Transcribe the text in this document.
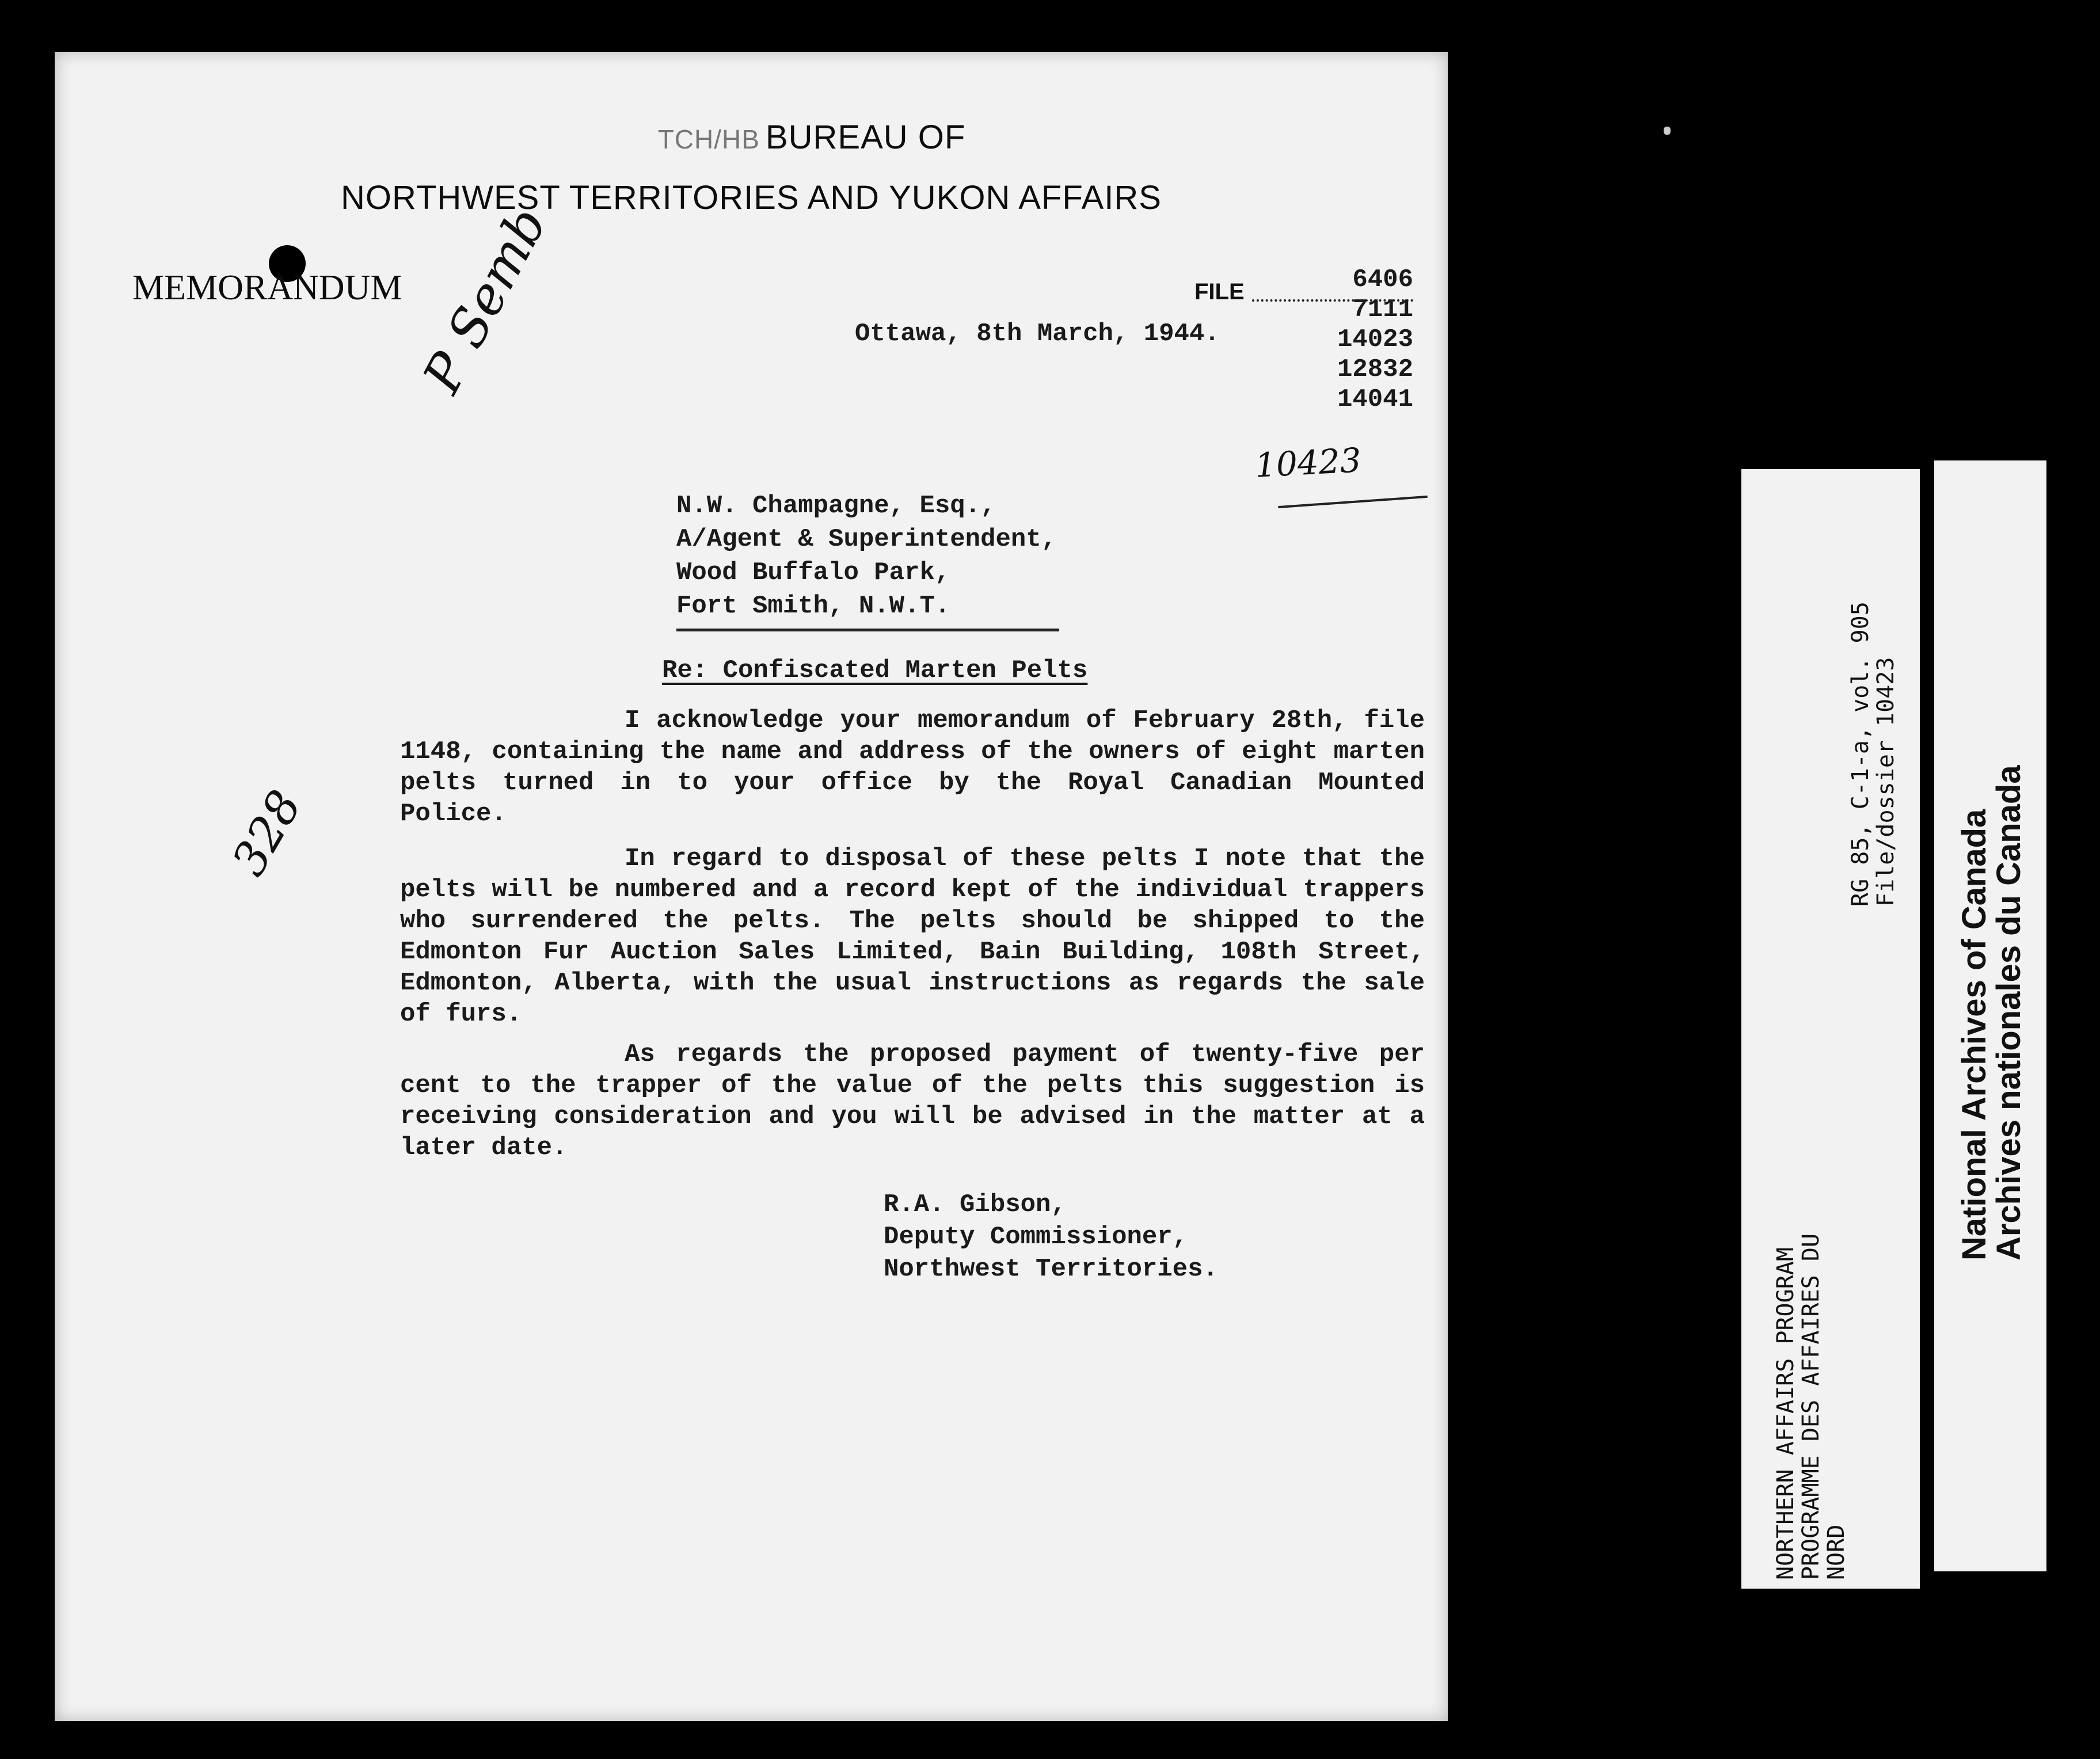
TCH/HB BUREAU OF
NORTHWEST TERRITORIES AND YUKON AFFAIRS
MEMORANDUM	FILE	6406
7111
14023
12832
14041
Ottawa, 8th March, 1944.
P Semb
10423
328
N.W. Champagne, Esq.,
A/Agent & Superintendent,
Wood Buffalo Park,
Fort Smith, N.W.T.
Re: Confiscated Marten Pelts
I acknowledge your memorandum of February 28th, file 1148, containing the name and address of the owners of eight marten pelts turned in to your office by the Royal Canadian Mounted Police.
In regard to disposal of these pelts I note that the pelts will be numbered and a record kept of the individual trappers who surrendered the pelts. The pelts should be shipped to the Edmonton Fur Auction Sales Limited, Bain Building, 108th Street, Edmonton, Alberta, with the usual instructions as regards the sale of furs.
As regards the proposed payment of twenty-five per cent to the trapper of the value of the pelts this suggestion is receiving consideration and you will be advised in the matter at a later date.
R.A. Gibson,
Deputy Commissioner,
Northwest Territories.	NORTHERN AFFAIRS PROGRAM
PROGRAMME DES AFFAIRES DU
NORD
RG 85, C-1-a, vol. 905
File/dossier 10423
National Archives of Canada
Archives nationales du Canada
